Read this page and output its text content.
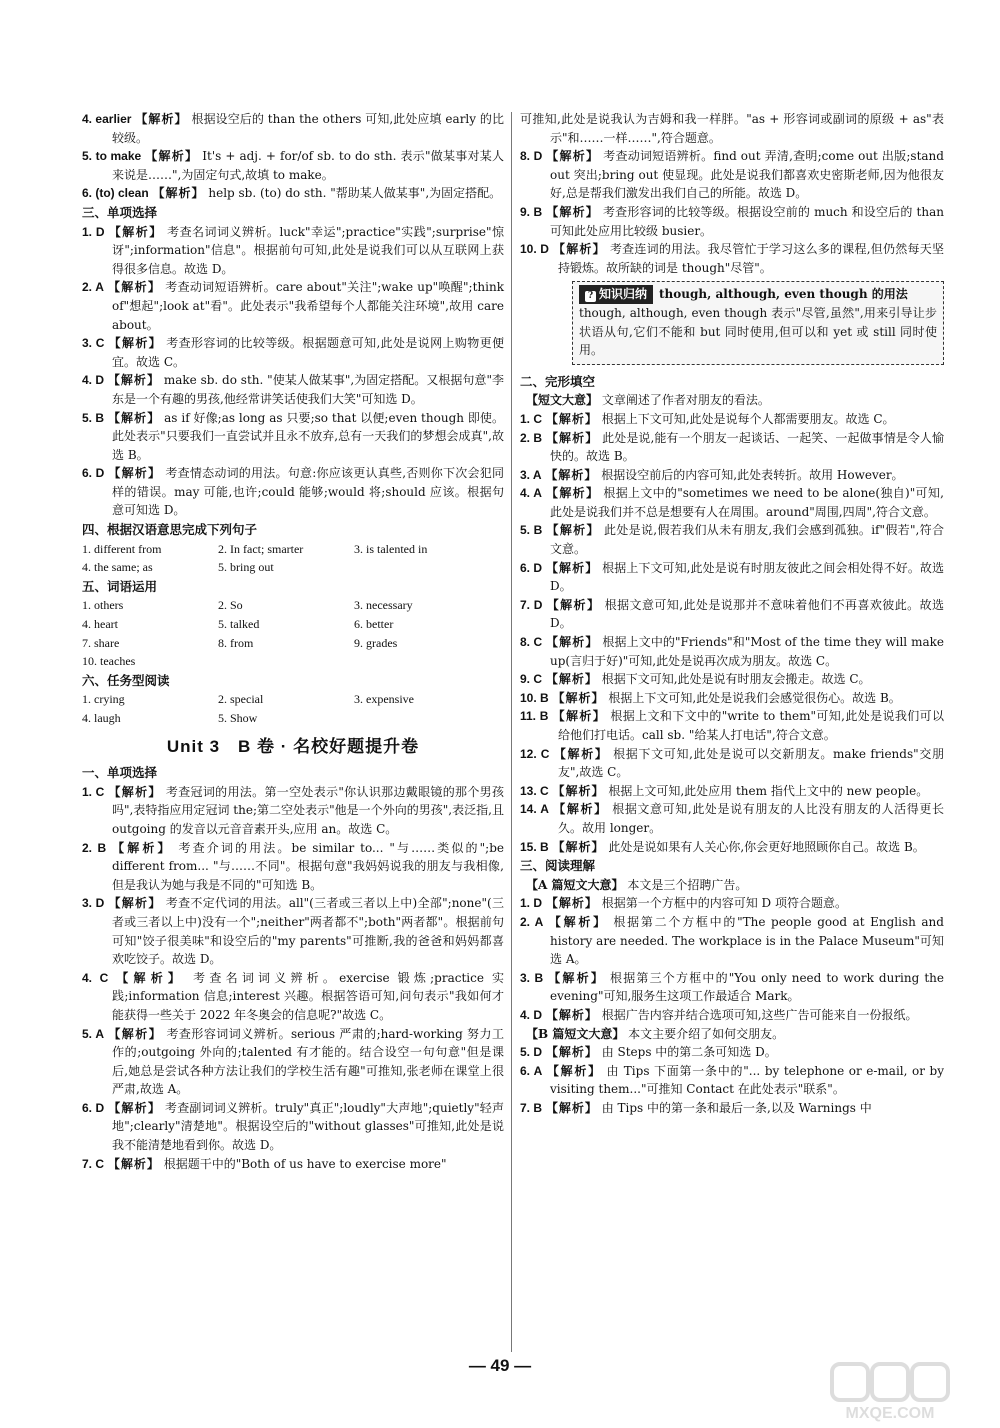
4. earlier 【解析】 根据设空后的 than the others 可知,此处应填 early 的比较级。

5. to make 【解析】 It's + adj. + for/of sb. to do sth. 表示"做某事对某人来说是……",为固定句式,故填 to make。

6. (to) clean 【解析】 help sb. (to) do sth. "帮助某人做某事",为固定搭配。

三、单项选择

1. D 【解析】 考查名词词义辨析。luck"幸运";practice"实践";surprise"惊讶";information"信息"。根据前句可知,此处是说我们可以从互联网上获得很多信息。故选 D。

2. A 【解析】 考查动词短语辨析。care about"关注";wake up"唤醒";think of"想起";look at"看"。此处表示"我希望每个人都能关注环境",故用 care about。

3. C 【解析】 考查形容词的比较等级。根据题意可知,此处是说网上购物更便宜。故选 C。

4. D 【解析】 make sb. do sth. "使某人做某事",为固定搭配。又根据句意"李东是一个有趣的男孩,他经常讲笑话使我们大笑"可知选 D。

5. B 【解析】 as if 好像;as long as 只要;so that 以便;even though 即使。此处表示"只要我们一直尝试并且永不放弃,总有一天我们的梦想会成真",故选 B。

6. D 【解析】 考查情态动词的用法。句意:你应该更认真些,否则你下次会犯同样的错误。may 可能,也许;could 能够;would 将;should 应该。根据句意可知选 D。

四、根据汉语意思完成下列句子

1. different from	2. In fact; smarter	3. is talented in
4. the same; as	5. bring out

五、词语运用

1. others	2. So	3. necessary
4. heart	5. talked	6. better
7. share	8. from	9. grades
10. teaches

六、任务型阅读

1. crying	2. special	3. expensive
4. laugh	5. Show
Unit 3　B 卷 · 名校好题提升卷

一、单项选择

1. C 【解析】 考查冠词的用法。第一空处表示"你认识那边戴眼镜的那个男孩吗",表特指应用定冠词 the;第二空处表示"他是一个外向的男孩",表泛指,且 outgoing 的发音以元音音素开头,应用 an。故选 C。

2. B 【解析】 考查介词的用法。be similar to... "与……类似的";be different from... "与……不同"。根据句意"我妈妈说我的朋友与我相像,但是我认为她与我是不同的"可知选 B。

3. D 【解析】 考查不定代词的用法。all"(三者或三者以上中)全部";none"(三者或三者以上中)没有一个";neither"两者都不";both"两者都"。根据前句可知"饺子很美味"和设空后的"my parents"可推断,我的爸爸和妈妈都喜欢吃饺子。故选 D。

4. C 【解析】 考查名词词义辨析。exercise 锻炼;practice 实践;information 信息;interest 兴趣。根据答语可知,问句表示"我如何才能获得一些关于 2022 年冬奥会的信息呢?"故选 C。

5. A 【解析】 考查形容词词义辨析。serious 严肃的;hard-working 努力工作的;outgoing 外向的;talented 有才能的。结合设空一句句意"但是课后,她总是尝试各种方法让我们的学校生活有趣"可推知,张老师在课堂上很严肃,故选 A。

6. D 【解析】 考查副词词义辨析。truly"真正";loudly"大声地";quietly"轻声地";clearly"清楚地"。根据设空后的"without glasses"可推知,此处是说我不能清楚地看到你。故选 D。

7. C 【解析】 根据题干中的"Both of us have to exercise more"

可推知,此处是说我认为吉姆和我一样胖。"as + 形容词或副词的原级 + as"表示"和……一样……",符合题意。

8. D 【解析】 考查动词短语辨析。find out 弄清,查明;come out 出版;stand out 突出;bring out 使显现。此处是说我们都喜欢史密斯老师,因为他很友好,总是帮我们激发出我们自己的所能。故选 D。

9. B 【解析】 考查形容词的比较等级。根据设空前的 much 和设空后的 than 可知此处应用比较级 busier。

10. D 【解析】 考查连词的用法。我尽管忙于学习这么多的课程,但仍然每天坚持锻炼。故所缺的词是 though"尽管"。

? 知识归纳 though, although, even though 的用法
though, although, even though 表示"尽管,虽然",用来引导让步状语从句,它们不能和 but 同时使用,但可以和 yet 或 still 同时使用。

二、完形填空

【短文大意】 文章阐述了作者对朋友的看法。

1. C 【解析】 根据上下文可知,此处是说每个人都需要朋友。故选 C。

2. B 【解析】 此处是说,能有一个朋友一起谈话、一起笑、一起做事情是令人愉快的。故选 B。

3. A 【解析】 根据设空前后的内容可知,此处表转折。故用 However。

4. A 【解析】 根据上文中的"sometimes we need to be alone(独自)"可知,此处是说我们并不总是想要有人在周围。around"周围,四周",符合文意。

5. B 【解析】 此处是说,假若我们从未有朋友,我们会感到孤独。if"假若",符合文意。

6. D 【解析】 根据上下文可知,此处是说有时朋友彼此之间会相处得不好。故选 D。

7. D 【解析】 根据文意可知,此处是说那并不意味着他们不再喜欢彼此。故选 D。

8. C 【解析】 根据上文中的"Friends"和"Most of the time they will make up(言归于好)"可知,此处是说再次成为朋友。故选 C。

9. C 【解析】 根据下文可知,此处是说有时朋友会搬走。故选 C。

10. B 【解析】 根据上下文可知,此处是说我们会感觉很伤心。故选 B。

11. B 【解析】 根据上文和下文中的"write to them"可知,此处是说我们可以给他们打电话。call sb. "给某人打电话",符合文意。

12. C 【解析】 根据下文可知,此处是说可以交新朋友。make friends"交朋友",故选 C。

13. C 【解析】 根据上文可知,此处应用 them 指代上文中的 new people。

14. A 【解析】 根据文意可知,此处是说有朋友的人比没有朋友的人活得更长久。故用 longer。

15. B 【解析】 此处是说如果有人关心你,你会更好地照顾你自己。故选 B。

三、阅读理解

【A 篇短文大意】 本文是三个招聘广告。

1. D 【解析】 根据第一个方框中的内容可知 D 项符合题意。

2. A 【解析】 根据第二个方框中的"The people good at English and history are needed. The workplace is in the Palace Museum"可知选 A。

3. B 【解析】 根据第三个方框中的"You only need to work during the evening"可知,服务生这项工作最适合 Mark。

4. D 【解析】 根据广告内容并结合选项可知,这些广告可能来自一份报纸。

【B 篇短文大意】 本文主要介绍了如何交朋友。

5. D 【解析】 由 Steps 中的第二条可知选 D。

6. A 【解析】 由 Tips 下面第一条中的"... by telephone or e-mail, or by visiting them..."可推知 Contact 在此处表示"联系"。

7. B 【解析】 由 Tips 中的第一条和最后一条,以及 Warnings 中

— 49 —
MXQE.COM
